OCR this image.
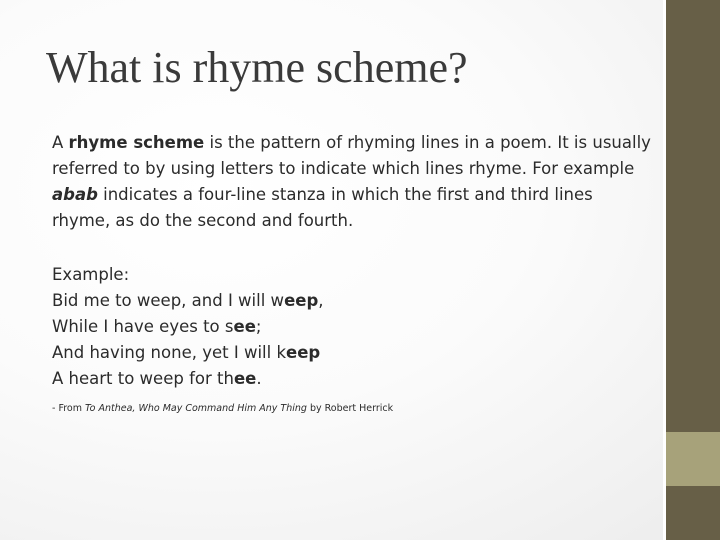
What is rhyme scheme?

A rhyme scheme is the pattern of rhyming lines in a poem. It is usually referred to by using letters to indicate which lines rhyme. For example abab indicates a four-line stanza in which the first and third lines rhyme, as do the second and fourth.

Example:
Bid me to weep, and I will weep,
While I have eyes to see;
And having none, yet I will keep
A heart to weep for thee.

- From To Anthea, Who May Command Him Any Thing by Robert Herrick
